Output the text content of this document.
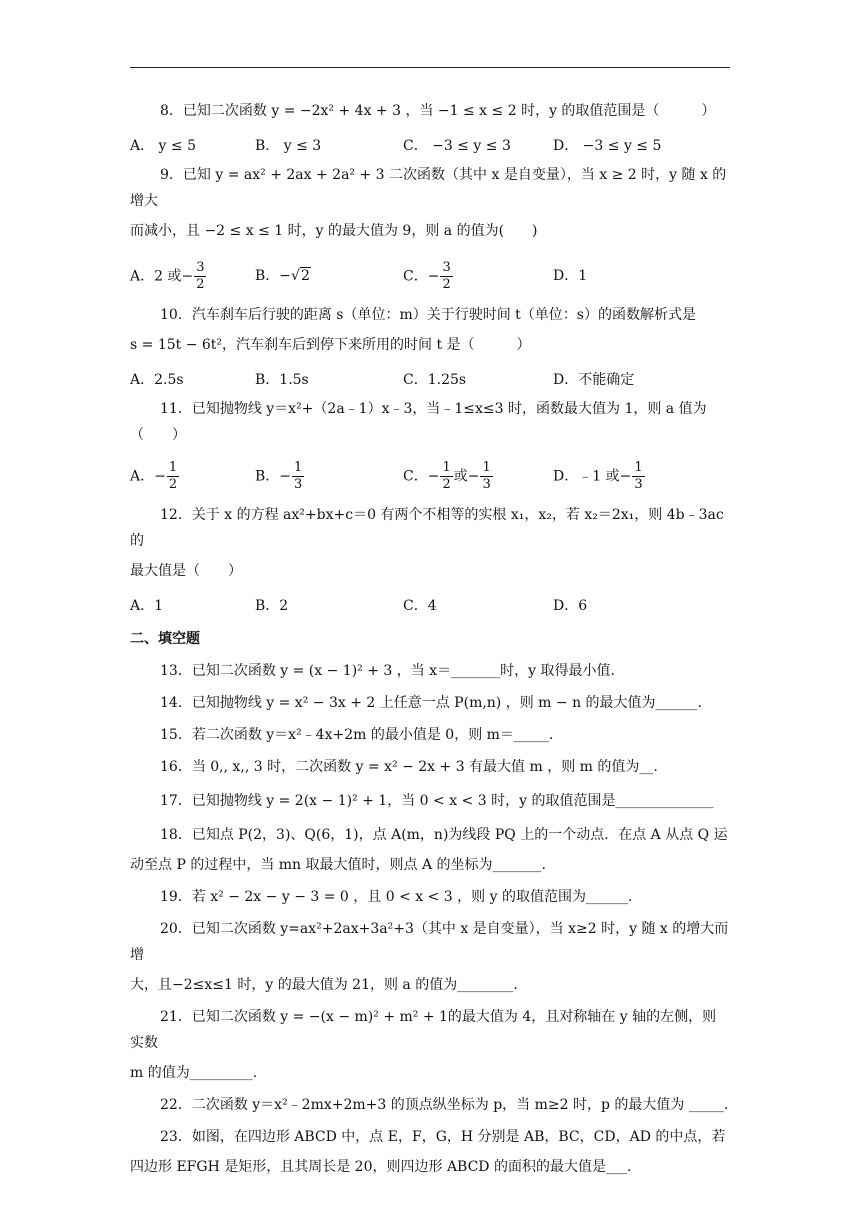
8．已知二次函数 y = −2x² + 4x + 3 ，当 −1 ≤ x ≤ 2 时，y 的取值范围是（　　　）

A． y ≤ 5	B． y ≤ 3	C． −3 ≤ y ≤ 3	D． −3 ≤ y ≤ 5

9．已知 y = ax² + 2ax + 2a² + 3 二次函数（其中 x 是自变量），当 x ≥ 2 时，y 随 x 的增大

而减小，且 −2 ≤ x ≤ 1 时，y 的最大值为 9，则 a 的值为(　　)

A．2 或− $\frac{3}{2}$	B．−√2	C．− $\frac{3}{2}$	D．1

10．汽车刹车后行驶的距离 s（单位：m）关于行驶时间 t（单位：s）的函数解析式是

s = 15t − 6t²，汽车刹车后到停下来所用的时间 t 是（　　　）

A．2.5s	B．1.5s	C．1.25s	D．不能确定

11．已知抛物线 y＝x²+（2a﹣1）x﹣3，当﹣1≤x≤3 时，函数最大值为 1，则 a 值为（　　）

A．− $\frac{1}{2}$	B．− $\frac{1}{3}$	C．− $\frac{1}{2}$ 或− $\frac{1}{3}$	D．﹣1 或− $\frac{1}{3}$

12．关于 x 的方程 ax²+bx+c＝0 有两个不相等的实根 x₁，x₂，若 x₂＝2x₁，则 4b﹣3ac 的

最大值是（　　）

A．1	B．2	C．4	D．6
二、填空题

13．已知二次函数 y = (x − 1)² + 3 ，当 x＝_______时，y 取得最小值.

14．已知抛物线 y = x² − 3x + 2 上任意一点 P(m,n) ，则 m − n 的最大值为______.

15．若二次函数 y＝x²﹣4x+2m 的最小值是 0，则 m＝_____.

16．当 0,, x,, 3 时，二次函数 y = x² − 2x + 3 有最大值 m ，则 m 的值为__.

17．已知抛物线 y = 2(x − 1)² + 1，当 0 < x < 3 时，y 的取值范围是______________

18．已知点 P(2，3)、Q(6，1)，点 A(m，n)为线段 PQ 上的一个动点．在点 A 从点 Q 运

动至点 P 的过程中，当 mn 取最大值时，则点 A 的坐标为_______.

19．若 x² − 2x − y − 3 = 0 ，且 0 < x < 3 ，则 y 的取值范围为______.

20．已知二次函数 y=ax²+2ax+3a²+3（其中 x 是自变量），当 x≥2 时，y 随 x 的增大而增

大，且−2≤x≤1 时，y 的最大值为 21，则 a 的值为________.

21．已知二次函数 y = −(x − m)² + m² + 1的最大值为 4，且对称轴在 y 轴的左侧，则实数

m 的值为_________.

22．二次函数 y＝x²﹣2mx+2m+3 的顶点纵坐标为 p，当 m≥2 时，p 的最大值为 _____.

23．如图，在四边形 ABCD 中，点 E，F，G，H 分别是 AB，BC，CD，AD 的中点，若

四边形 EFGH 是矩形，且其周长是 20，则四边形 ABCD 的面积的最大值是___.
